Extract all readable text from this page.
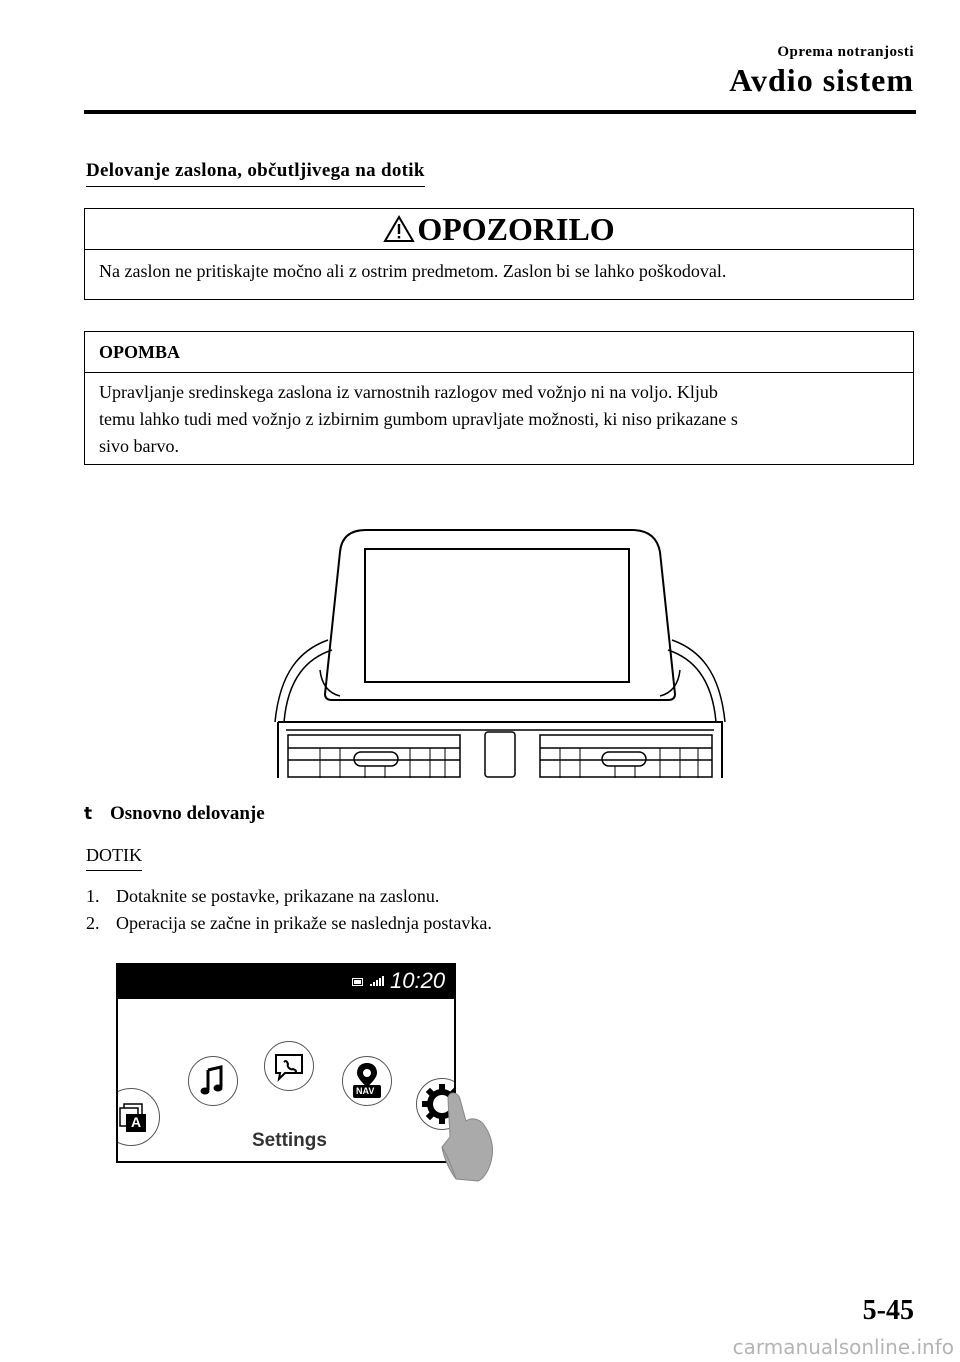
Oprema notranjosti
Avdio sistem
Delovanje zaslona, občutljivega na dotik
OPOZORILO
Na zaslon ne pritiskajte močno ali z ostrim predmetom. Zaslon bi se lahko poškodoval.
OPOMBA
Upravljanje sredinskega zaslona iz varnostnih razlogov med vožnjo ni na voljo. Kljub
temu lahko tudi med vožnjo z izbirnim gumbom upravljate možnosti, ki niso prikazane s
sivo barvo.
t Osnovno delovanje
DOTIK
1. Dotaknite se postavke, prikazane na zaslonu.
2. Operacija se začne in prikaže se naslednja postavka.
10:20
A
NAV
Settings
5-45
carmanualsonline.info
